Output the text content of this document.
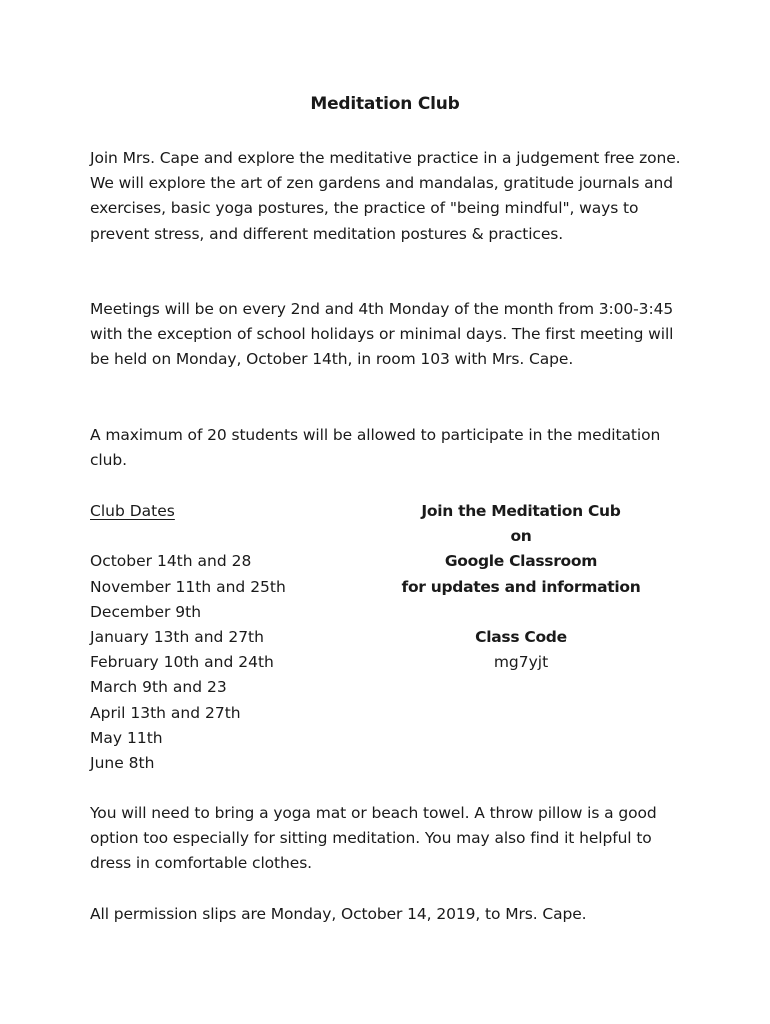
Meditation Club

Join Mrs. Cape and explore the meditative practice in a judgement free zone. We will explore the art of zen gardens and mandalas, gratitude journals and exercises, basic yoga postures, the practice of "being mindful", ways to prevent stress, and different meditation postures & practices.

Meetings will be on every 2nd and 4th Monday of the month from 3:00-3:45 with the exception of school holidays or minimal days. The first meeting will be held on Monday, October 14th, in room 103 with Mrs. Cape.

A maximum of 20 students will be allowed to participate in the meditation club.

Club Dates
October 14th and 28
November 11th and 25th
December 9th
January 13th and 27th
February 10th and 24th
March 9th and 23
April 13th and 27th
May 11th
June 8th
Join the Meditation Cub
on
Google Classroom
for updates and information
Class Code
mg7yjt

You will need to bring a yoga mat or beach towel. A throw pillow is a good option too especially for sitting meditation. You may also find it helpful to dress in comfortable clothes.

All permission slips are Monday, October 14, 2019, to Mrs. Cape.
